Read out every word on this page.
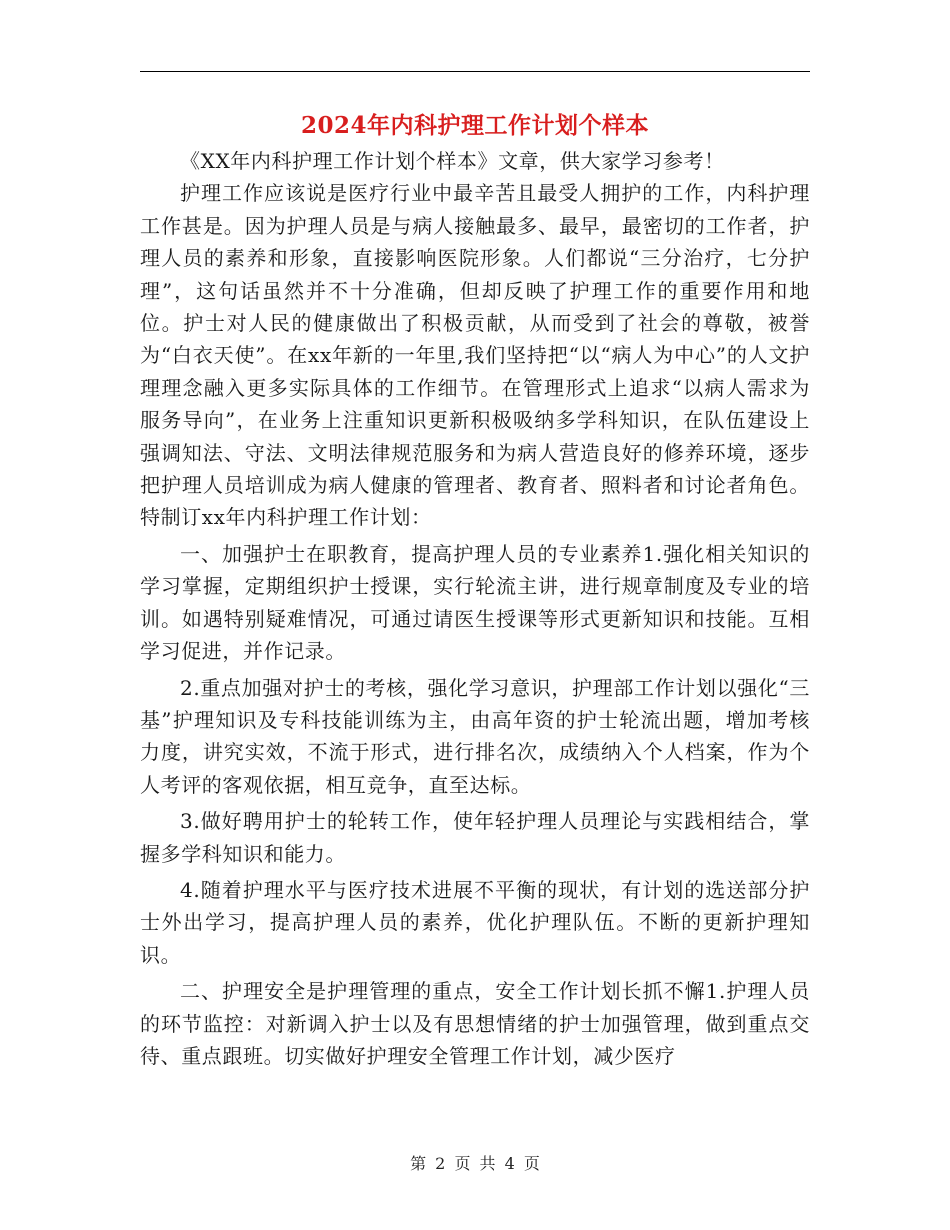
2024年内科护理工作计划个样本

《XX年内科护理工作计划个样本》文章，供大家学习参考！

护理工作应该说是医疗行业中最辛苦且最受人拥护的工作，内科护理工作甚是。因为护理人员是与病人接触最多、最早，最密切的工作者，护理人员的素养和形象，直接影响医院形象。人们都说“三分治疗，七分护理”，这句话虽然并不十分准确，但却反映了护理工作的重要作用和地位。护士对人民的健康做出了积极贡献，从而受到了社会的尊敬，被誉为“白衣天使”。在xx年新的一年里,我们坚持把“以“病人为中心”的人文护理理念融入更多实际具体的工作细节。在管理形式上追求“以病人需求为服务导向”，在业务上注重知识更新积极吸纳多学科知识，在队伍建设上强调知法、守法、文明法律规范服务和为病人营造良好的修养环境，逐步把护理人员培训成为病人健康的管理者、教育者、照料者和讨论者角色。特制订xx年内科护理工作计划：

一、加强护士在职教育，提高护理人员的专业素养1.强化相关知识的学习掌握，定期组织护士授课，实行轮流主讲，进行规章制度及专业的培训。如遇特别疑难情况，可通过请医生授课等形式更新知识和技能。互相学习促进，并作记录。

2.重点加强对护士的考核，强化学习意识，护理部工作计划以强化“三基”护理知识及专科技能训练为主，由高年资的护士轮流出题，增加考核力度，讲究实效，不流于形式，进行排名次，成绩纳入个人档案，作为个人考评的客观依据，相互竞争，直至达标。

3.做好聘用护士的轮转工作，使年轻护理人员理论与实践相结合，掌握多学科知识和能力。

4.随着护理水平与医疗技术进展不平衡的现状，有计划的选送部分护士外出学习，提高护理人员的素养，优化护理队伍。不断的更新护理知识。

二、护理安全是护理管理的重点，安全工作计划长抓不懈1.护理人员的环节监控：对新调入护士以及有思想情绪的护士加强管理，做到重点交待、重点跟班。切实做好护理安全管理工作计划，减少医疗

第 2 页 共 4 页
